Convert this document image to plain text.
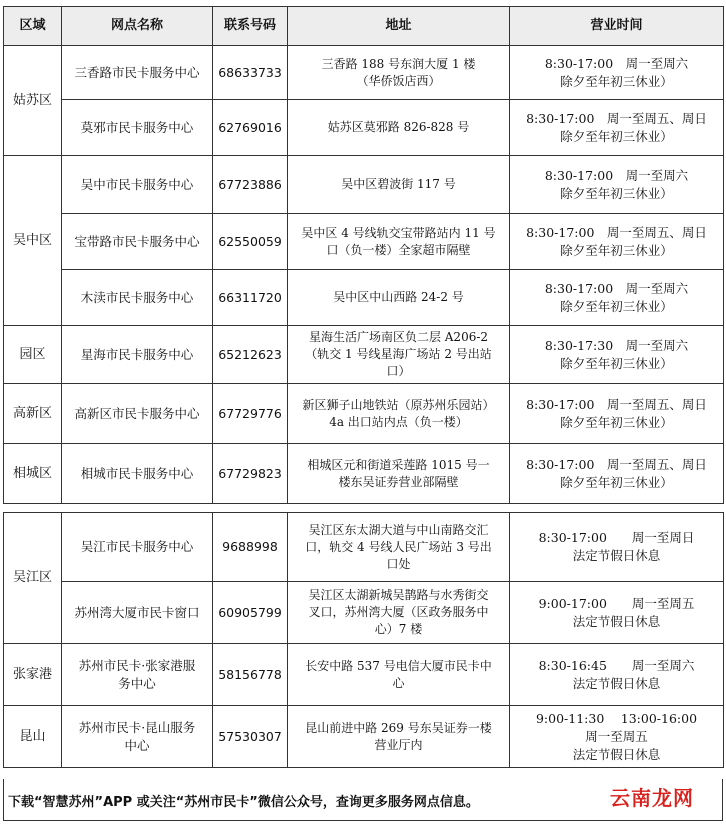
区域	网点名称	联系号码	地址	营业时间
姑苏区	三香路市民卡服务中心	68633733	三香路 188 号东润大厦 1 楼
（华侨饭店西）	8:30-17:00　周一至周六
除夕至年初三休业）

	莫邪市民卡服务中心	62769016	姑苏区莫邪路 826-828 号	8:30-17:00　周一至周五、周日
除夕至年初三休业）

吴中区	吴中市民卡服务中心	67723886	吴中区碧波街 117 号	8:30-17:00　周一至周六
除夕至年初三休业）

	宝带路市民卡服务中心	62550059	吴中区 4 号线轨交宝带路站内 11 号
口（负一楼）全家超市隔壁	8:30-17:00　周一至周五、周日
除夕至年初三休业）

	木渎市民卡服务中心	66311720	吴中区中山西路 24-2 号	8:30-17:00　周一至周六
除夕至年初三休业）

园区	星海市民卡服务中心	65212623	星海生活广场南区负二层 A206-2
（轨交 1 号线星海广场站 2 号出站
口）	8:30-17:30　周一至周六
除夕至年初三休业）

高新区	高新区市民卡服务中心	67729776	新区狮子山地铁站（原苏州乐园站）
4a 出口站内点（负一楼）	8:30-17:00　周一至周五、周日
除夕至年初三休业）

相城区	相城市民卡服务中心	67729823	相城区元和街道采莲路 1015 号一
楼东吴证券营业部隔壁	8:30-17:00　周一至周五、周日
除夕至年初三休业）
吴江区	吴江市民卡服务中心	9688998	吴江区东太湖大道与中山南路交汇
口，轨交 4 号线人民广场站 3 号出
口处	8:30-17:00　　周一至周日
法定节假日休息

	苏州湾大厦市民卡窗口	60905799	吴江区太湖新城吴鹊路与水秀街交
叉口，苏州湾大厦（区政务服务中
心）7 楼	9:00-17:00　　周一至周五
法定节假日休息

张家港	苏州市民卡·张家港服
务中心	58156778	长安中路 537 号电信大厦市民卡中
心	8:30-16:45　　周一至周六
法定节假日休息

昆山	苏州市民卡·昆山服务
中心	57530307	昆山前进中路 269 号东吴证券一楼
营业厅内	9:00-11:30　 13:00-16:00
周一至周五
法定节假日休息
下载“智慧苏州”APP 或关注“苏州市民卡”微信公众号，查询更多服务网点信息。	云南龙网
